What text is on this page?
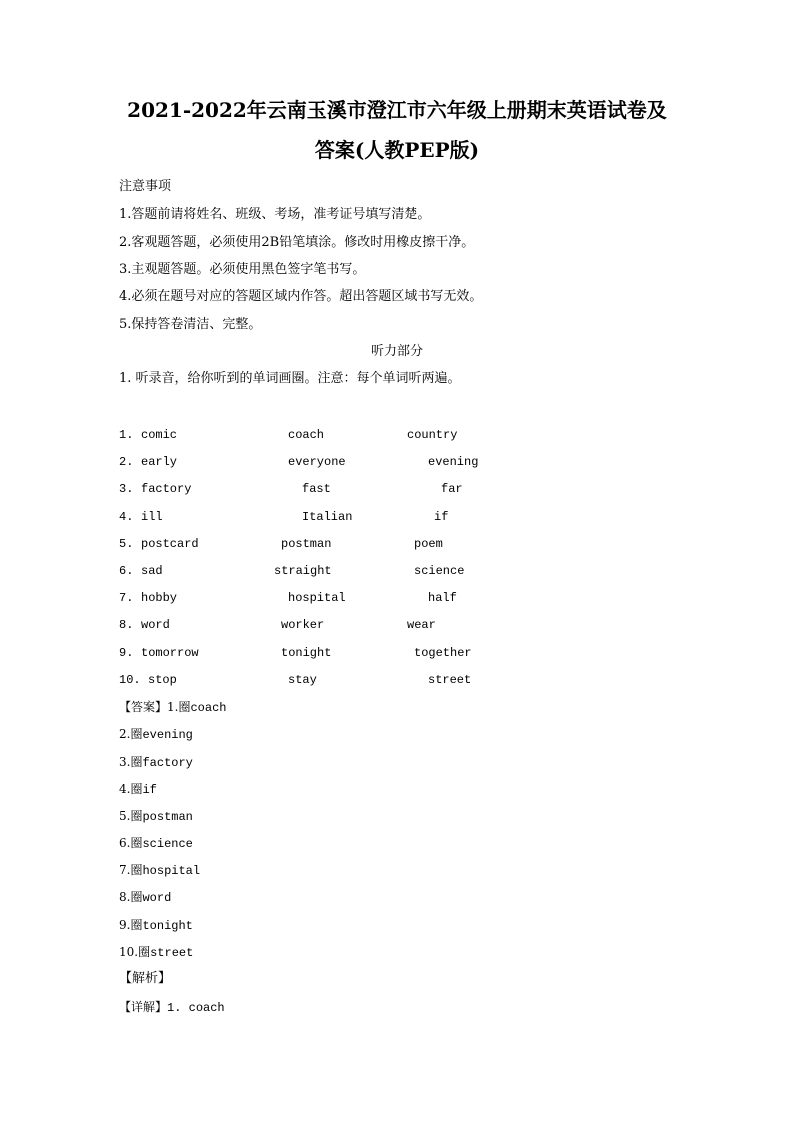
2021-2022年云南玉溪市澄江市六年级上册期末英语试卷及
答案(人教PEP版)
注意事项
1.答题前请将姓名、班级、考场，准考证号填写清楚。
2.客观题答题，必须使用2B铅笔填涂。修改时用橡皮擦干净。
3.主观题答题。必须使用黑色签字笔书写。
4.必须在题号对应的答题区域内作答。超出答题区域书写无效。
5.保持答卷清洁、完整。
听力部分
1. 听录音，给你听到的单词画圈。注意：每个单词听两遍。
1. comic	coach	country
2. early	everyone	evening
3. factory	fast	far
4. ill	Italian	if
5. postcard	postman	poem
6. sad	straight	science
7. hobby	hospital	half
8. word	worker	wear
9. tomorrow	tonight	together
10. stop	stay	street
【答案】1.圈coach
2.圈evening
3.圈factory
4.圈if
5.圈postman
6.圈science
7.圈hospital
8.圈word
9.圈tonight
10.圈street
【解析】
【详解】1. coach
